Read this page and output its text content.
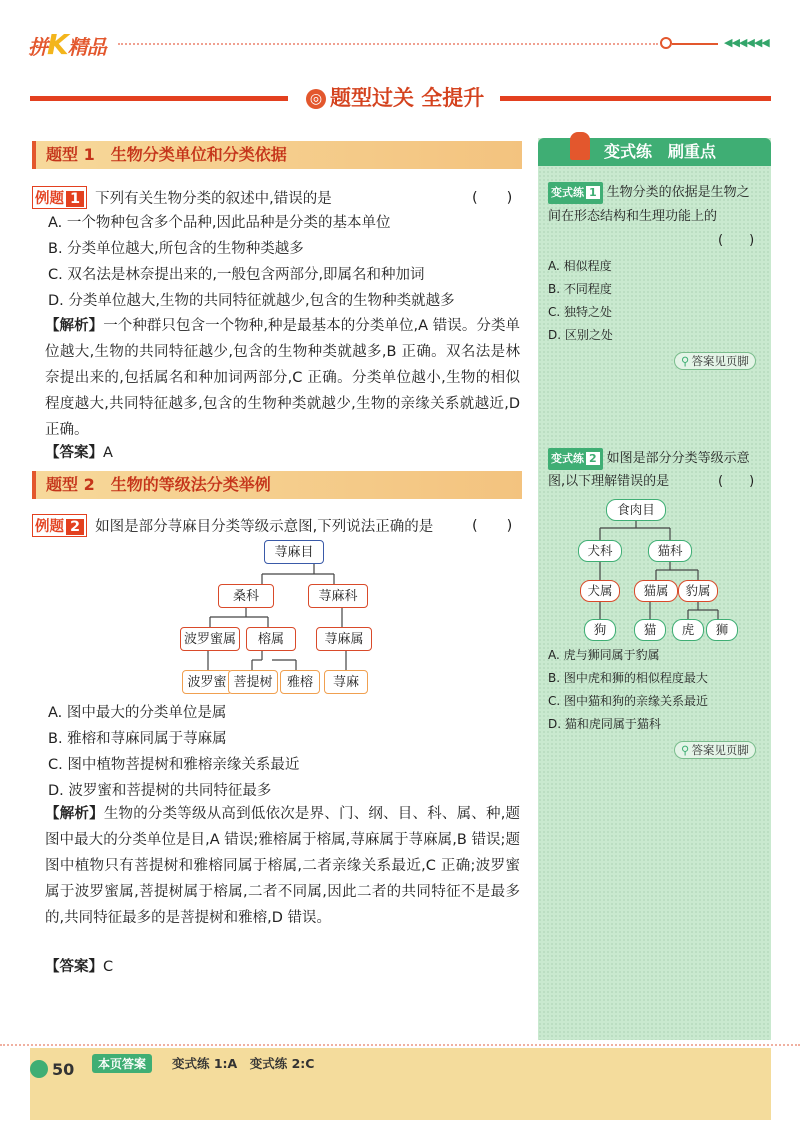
拼K精品	◀◀◀◀◀◀
◎ 题型过关 全提升
题型 1 生物分类单位和分类依据
例题 1 下列有关生物分类的叙述中,错误的是	(　　)
A. 一个物种包含多个品种,因此品种是分类的基本单位
B. 分类单位越大,所包含的生物种类越多
C. 双名法是林奈提出来的,一般包含两部分,即属名和种加词
D. 分类单位越大,生物的共同特征就越少,包含的生物种类就越多
【解析】一个种群只包含一个物种,种是最基本的分类单位,A 错误。分类单位越大,生物的共同特征越少,包含的生物种类就越多,B 正确。双名法是林奈提出来的,包括属名和种加词两部分,C 正确。分类单位越小,生物的相似程度越大,共同特征越多,包含的生物种类就越少,生物的亲缘关系就越近,D 正确。
【答案】A
题型 2 生物的等级法分类举例
例题 2 如图是部分荨麻目分类等级示意图,下列说法正确的是	(　　)
荨麻目
桑科	荨麻科
波罗蜜属	榕属	荨麻属
波罗蜜 菩提树	雅榕	荨麻
A. 图中最大的分类单位是属
B. 雅榕和荨麻同属于荨麻属
C. 图中植物菩提树和雅榕亲缘关系最近
D. 波罗蜜和菩提树的共同特征最多
【解析】生物的分类等级从高到低依次是界、门、纲、目、科、属、种,题图中最大的分类单位是目,A 错误;雅榕属于榕属,荨麻属于荨麻属,B 错误;题图中植物只有菩提树和雅榕同属于榕属,二者亲缘关系最近,C 正确;波罗蜜属于波罗蜜属,菩提树属于榕属,二者不同属,因此二者的共同特征不是最多的,共同特征最多的是菩提树和雅榕,D 错误。
【答案】C
变式练　刷重点
变式练 1 生物分类的依据是生物之
间在形态结构和生理功能上的
(　　)
A. 相似程度
B. 不同程度
C. 独特之处
D. 区别之处
⚲ 答案见页脚
变式练 2 如图是部分分类等级示意
图,以下理解错误的是	(　　)
食肉目
犬科	猫科
犬属	猫属	豹属
狗	猫	虎	狮
A. 虎与狮同属于豹属
B. 图中虎和狮的相似程度最大
C. 图中猫和狗的亲缘关系最近
D. 猫和虎同属于猫科
⚲ 答案见页脚
50	本页答案	变式练 1:A　变式练 2:C
